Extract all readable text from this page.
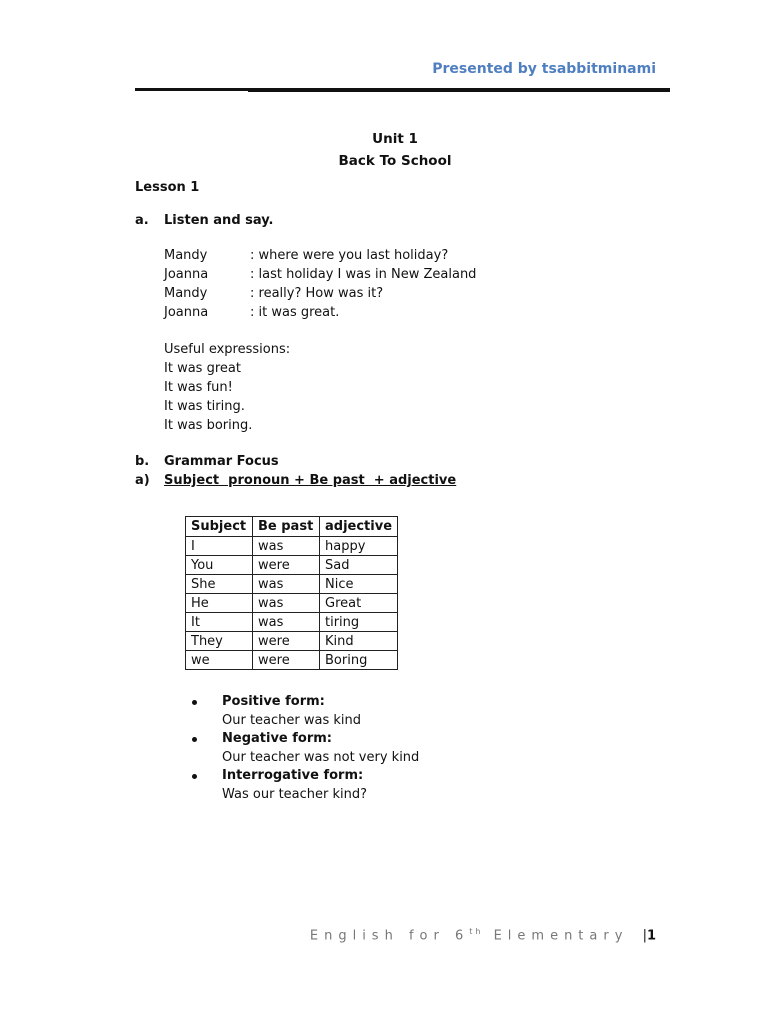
Presented by tsabbitminami
Unit 1
Back To School
Lesson 1
a. Listen and say.
Mandy	: where were you last holiday?
Joanna	: last holiday I was in New Zealand
Mandy	: really? How was it?
Joanna	: it was great.
Useful expressions:
It was great
It was fun!
It was tiring.
It was boring.
b. Grammar Focus
a) Subject  pronoun + Be past  + adjective
Subject	Be past	adjective
I	was	happy
You	were	Sad
She	was	Nice
He	was	Great
It	was	tiring
They	were	Kind
we	were	Boring
Positive form:
Our teacher was kind
Negative form:
Our teacher was not very kind
Interrogative form:
Was our teacher kind?
English for 6th Elementary |1
